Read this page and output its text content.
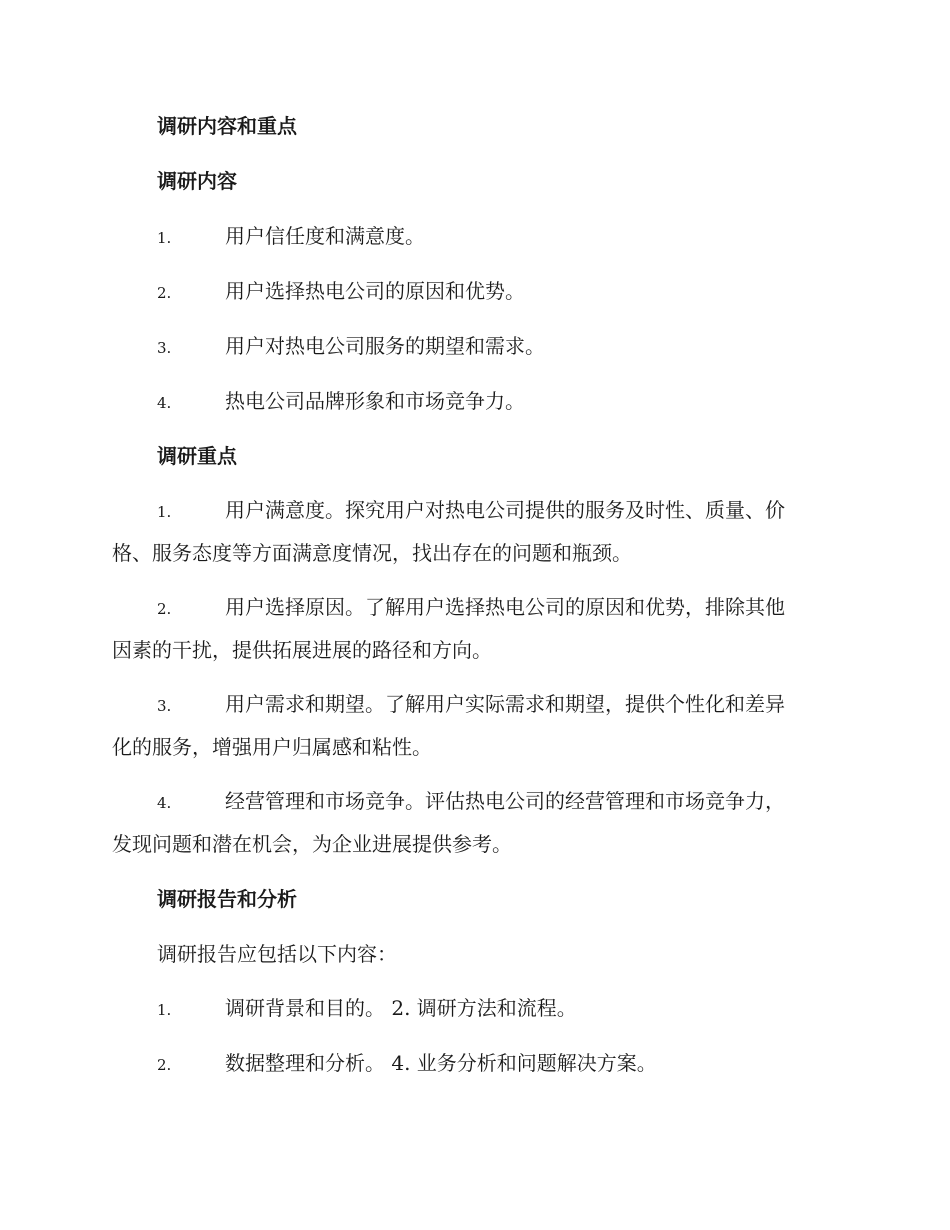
调研内容和重点
调研内容
1.	用户信任度和满意度。
2.	用户选择热电公司的原因和优势。
3.	用户对热电公司服务的期望和需求。
4.	热电公司品牌形象和市场竞争力。
调研重点
1.	用户满意度。探究用户对热电公司提供的服务及时性、质量、价
格、服务态度等方面满意度情况，找出存在的问题和瓶颈。
2.	用户选择原因。了解用户选择热电公司的原因和优势，排除其他
因素的干扰，提供拓展进展的路径和方向。
3.	用户需求和期望。了解用户实际需求和期望，提供个性化和差异
化的服务，增强用户归属感和粘性。
4.	经营管理和市场竞争。评估热电公司的经营管理和市场竞争力，
发现问题和潜在机会，为企业进展提供参考。
调研报告和分析
调研报告应包括以下内容：
1.	调研背景和目的。 2. 调研方法和流程。
2.	数据整理和分析。 4. 业务分析和问题解决方案。
